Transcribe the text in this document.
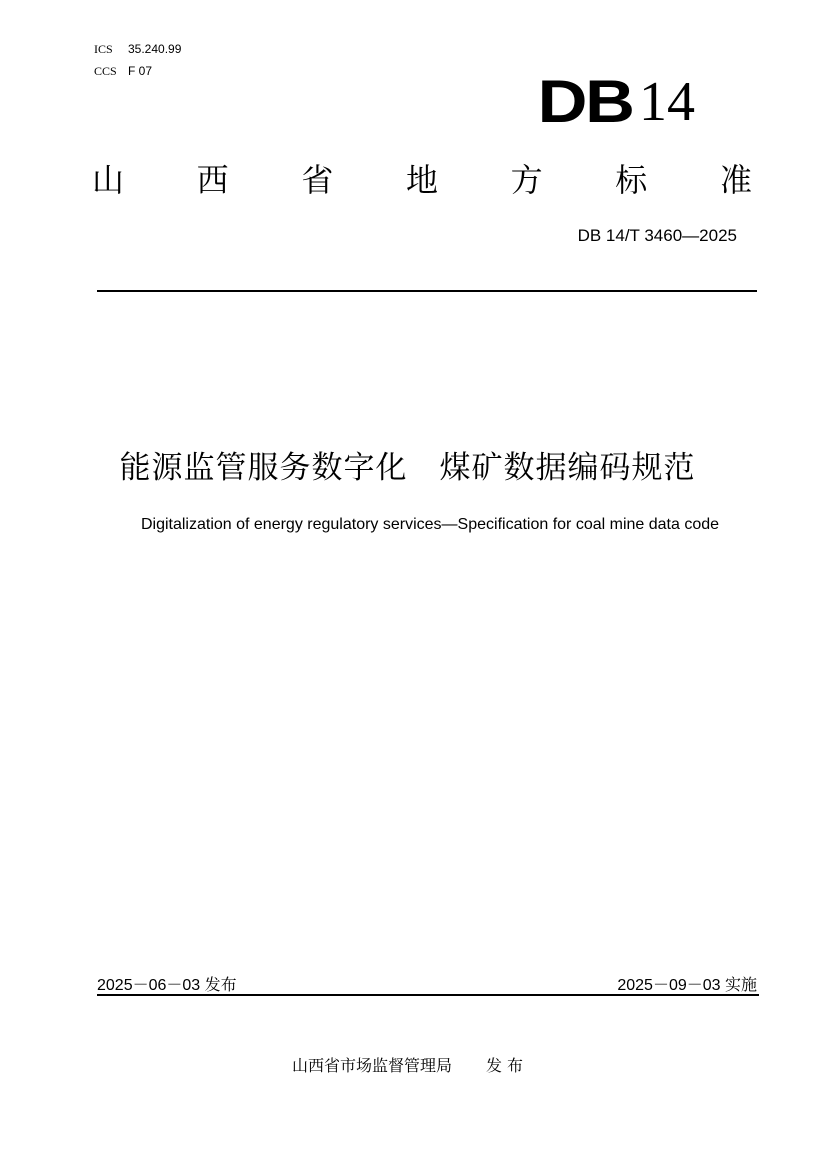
ICS 35.240.99
CCS F 07	DB 14
山 西 省 地 方 标 准
DB 14/T 3460—2025
能源监管服务数字化　煤矿数据编码规范
Digitalization of energy regulatory services—Specification for coal mine data code
2025－06－03 发布	2025－09－03 实施
山西省市场监督管理局 发 布
